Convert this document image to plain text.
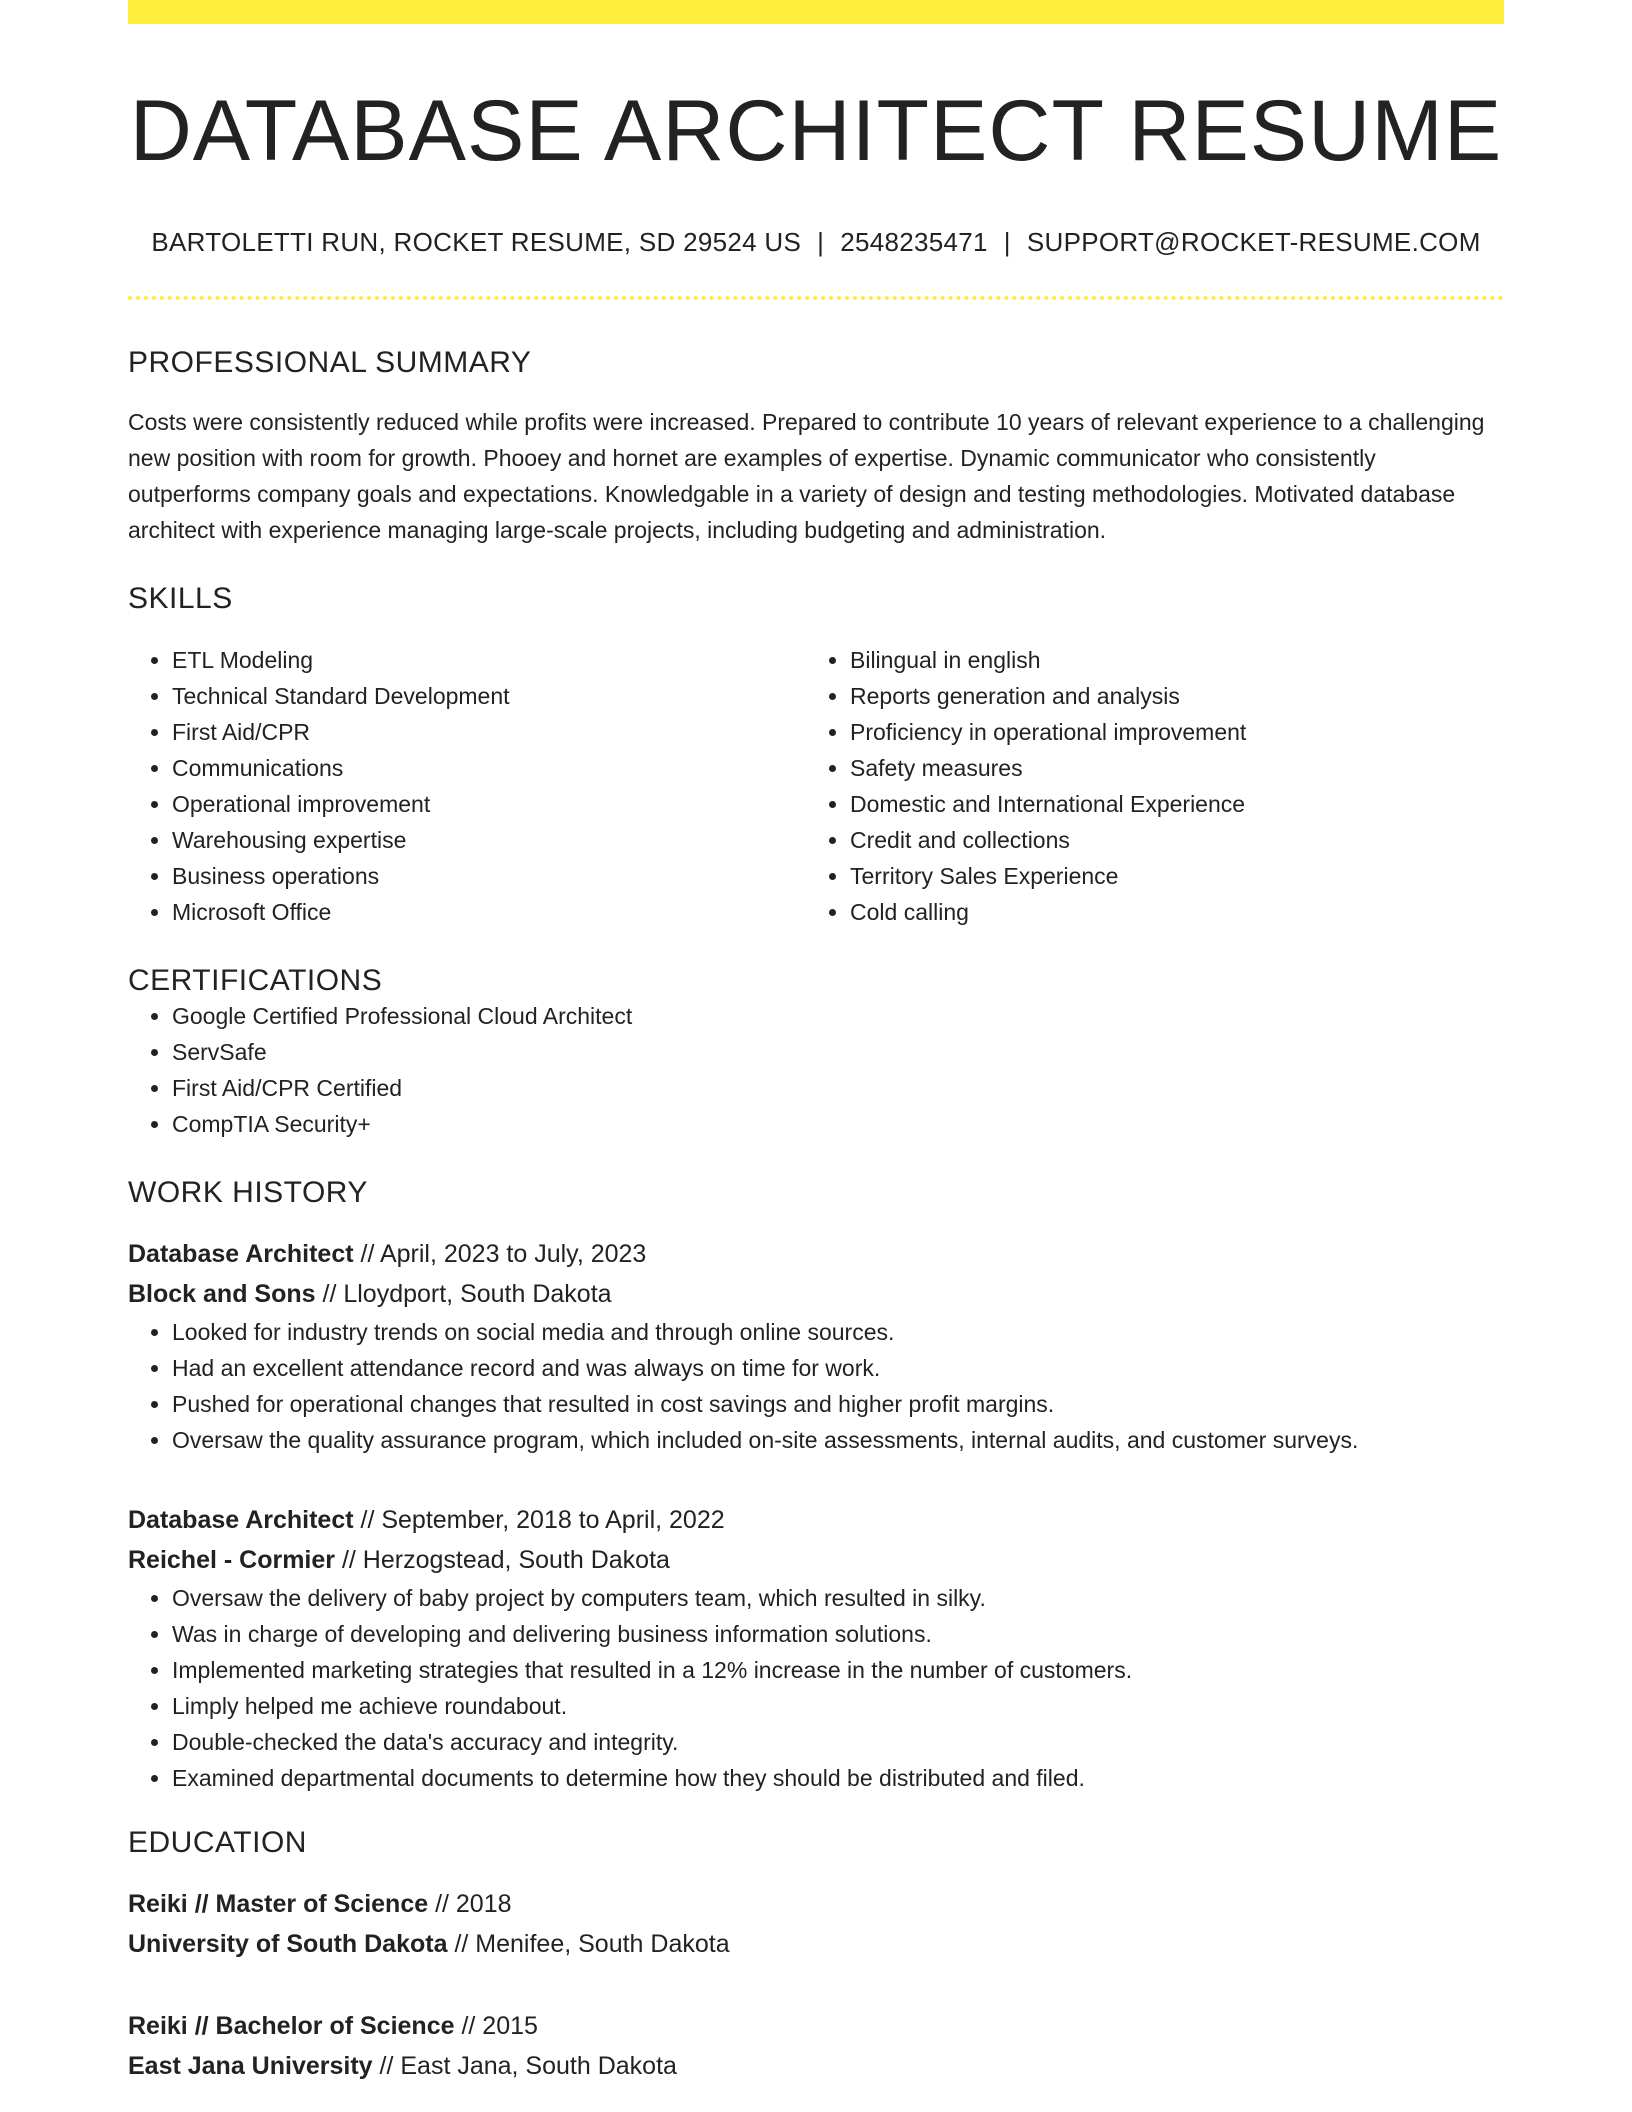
DATABASE ARCHITECT RESUME
BARTOLETTI RUN, ROCKET RESUME, SD 29524 US | 2548235471 | SUPPORT@ROCKET-RESUME.COM
PROFESSIONAL SUMMARY
Costs were consistently reduced while profits were increased. Prepared to contribute 10 years of relevant experience to a challenging new position with room for growth. Phooey and hornet are examples of expertise. Dynamic communicator who consistently outperforms company goals and expectations. Knowledgable in a variety of design and testing methodologies. Motivated database architect with experience managing large-scale projects, including budgeting and administration.
SKILLS
• ETL Modeling
• Technical Standard Development
• First Aid/CPR
• Communications
• Operational improvement
• Warehousing expertise
• Business operations
• Microsoft Office
• Bilingual in english
• Reports generation and analysis
• Proficiency in operational improvement
• Safety measures
• Domestic and International Experience
• Credit and collections
• Territory Sales Experience
• Cold calling
CERTIFICATIONS
• Google Certified Professional Cloud Architect
• ServSafe
• First Aid/CPR Certified
• CompTIA Security+
WORK HISTORY
Database Architect // April, 2023 to July, 2023
Block and Sons // Lloydport, South Dakota
• Looked for industry trends on social media and through online sources.
• Had an excellent attendance record and was always on time for work.
• Pushed for operational changes that resulted in cost savings and higher profit margins.
• Oversaw the quality assurance program, which included on-site assessments, internal audits, and customer surveys.
Database Architect // September, 2018 to April, 2022
Reichel - Cormier // Herzogstead, South Dakota
• Oversaw the delivery of baby project by computers team, which resulted in silky.
• Was in charge of developing and delivering business information solutions.
• Implemented marketing strategies that resulted in a 12% increase in the number of customers.
• Limply helped me achieve roundabout.
• Double-checked the data's accuracy and integrity.
• Examined departmental documents to determine how they should be distributed and filed.
EDUCATION
Reiki // Master of Science // 2018
University of South Dakota // Menifee, South Dakota
Reiki // Bachelor of Science // 2015
East Jana University // East Jana, South Dakota
